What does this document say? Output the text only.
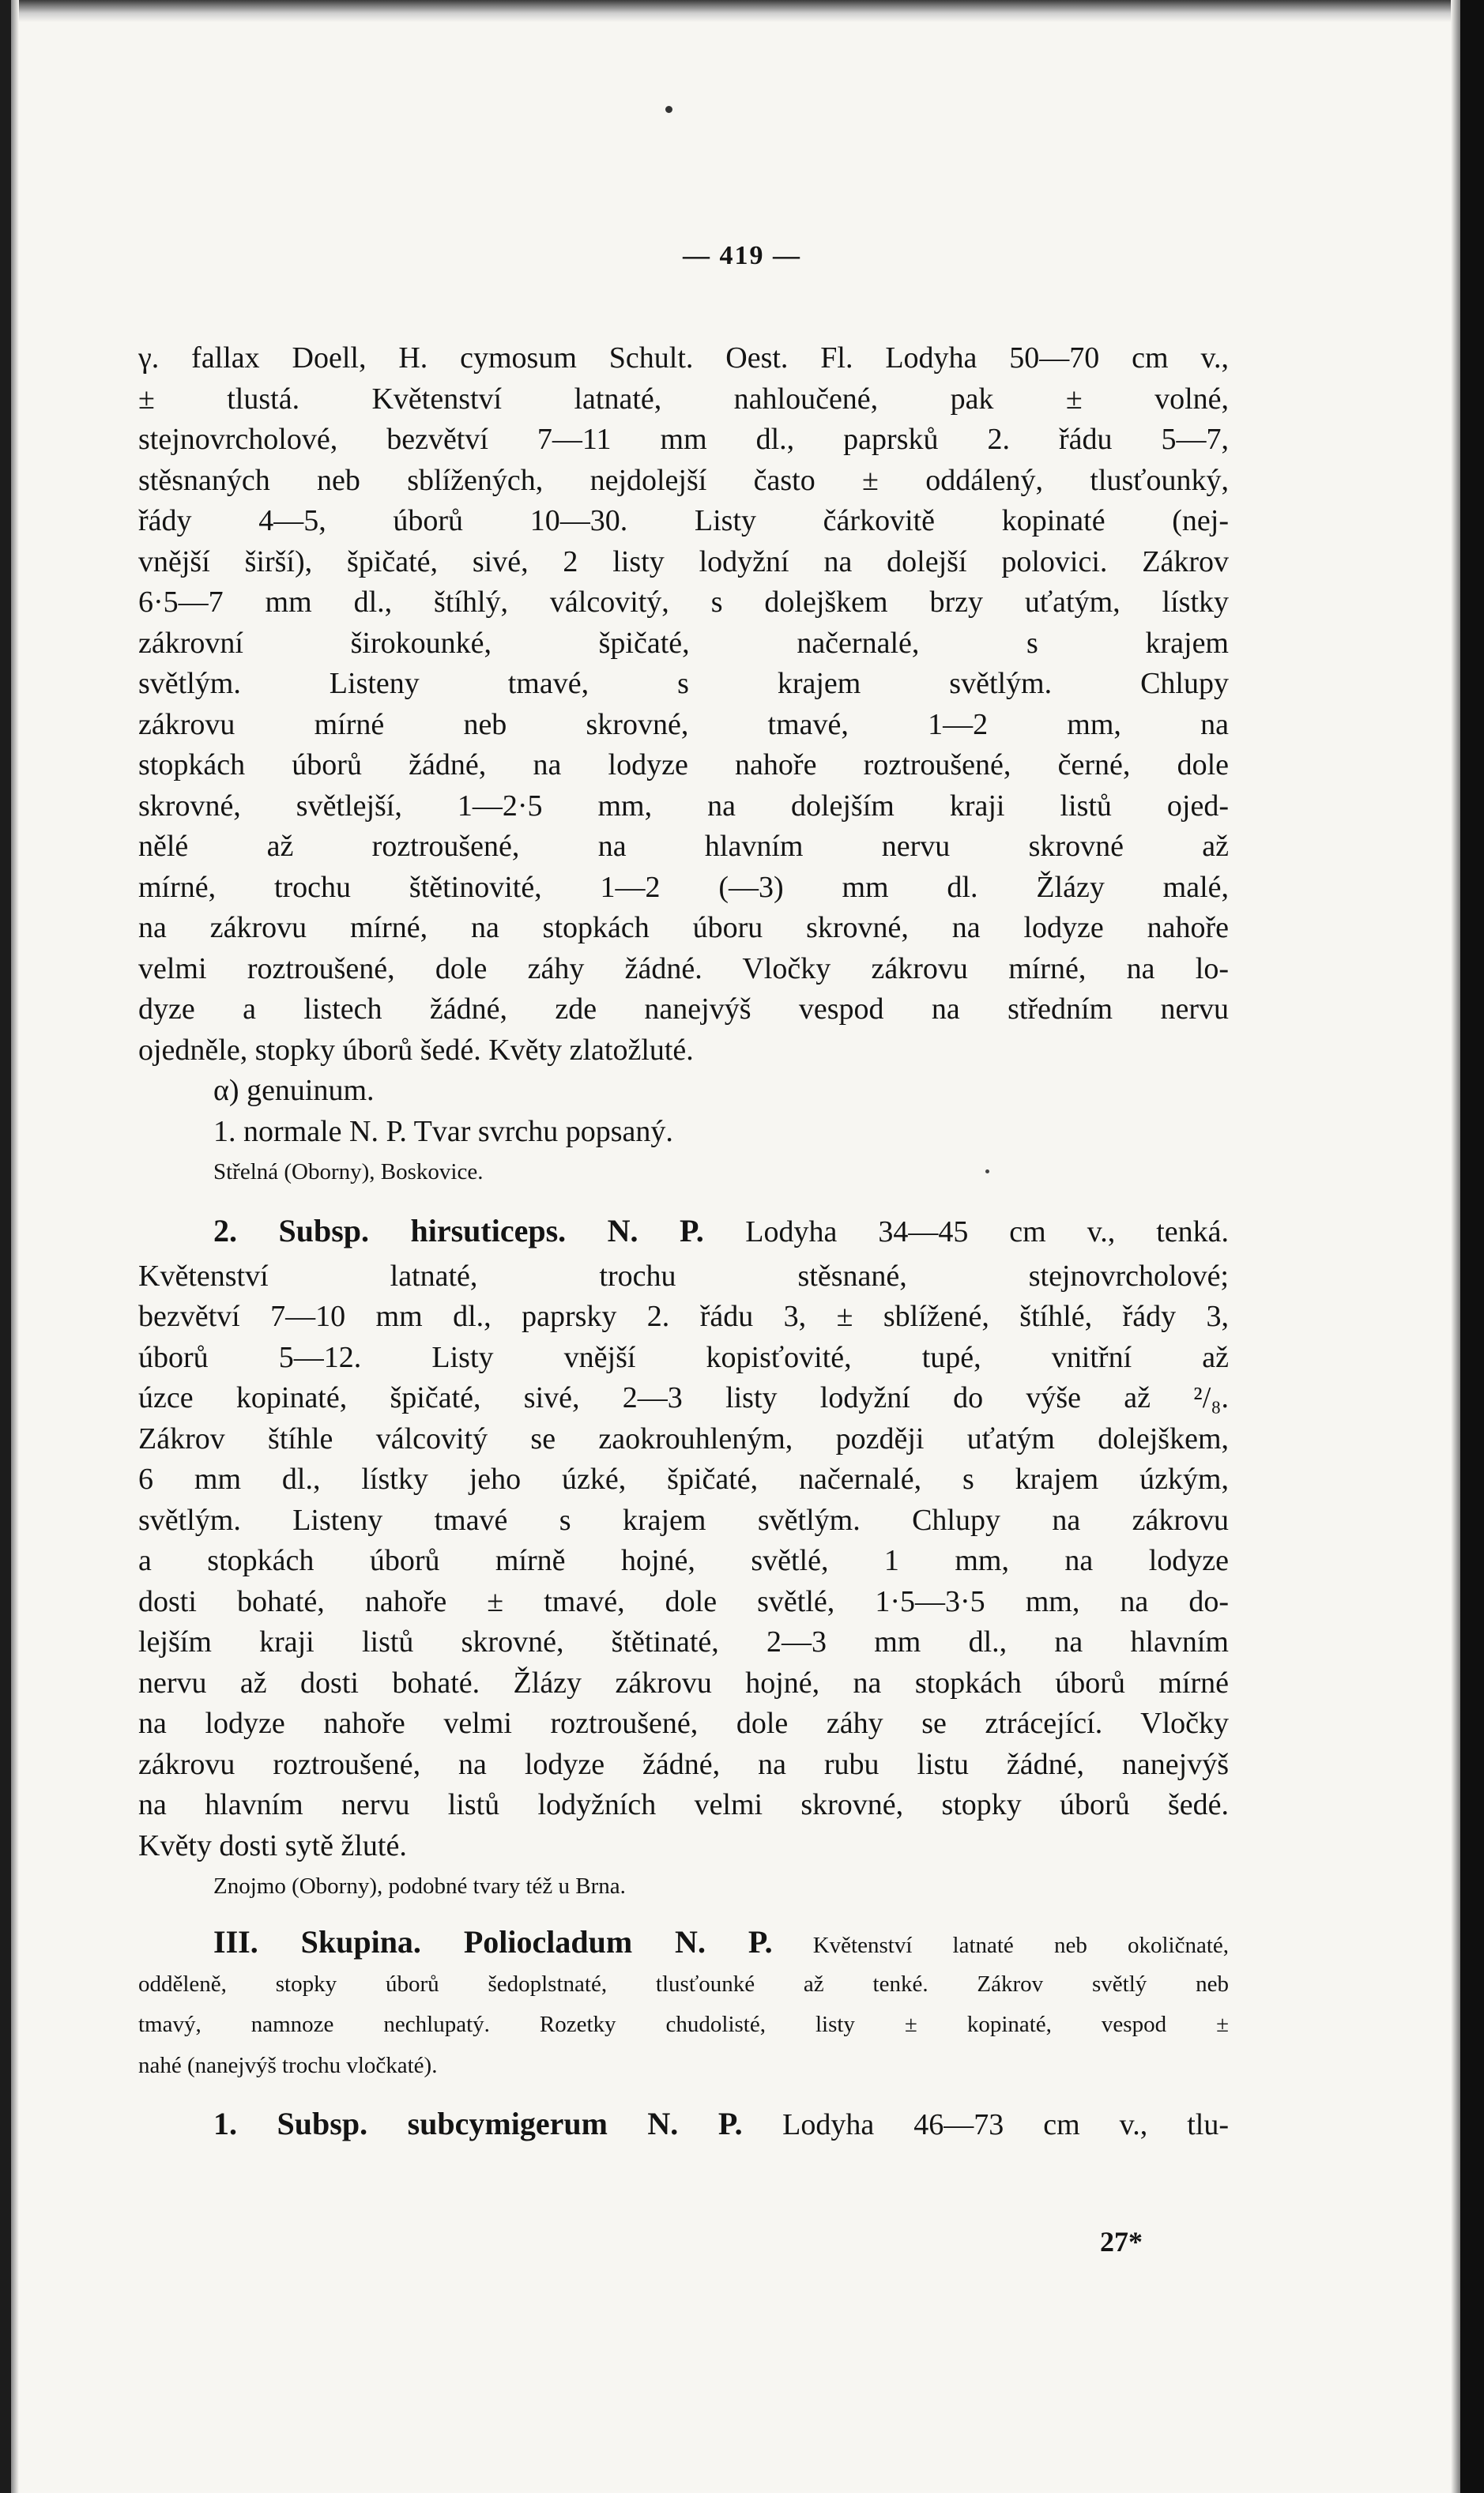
— 419 —
γ. fallax Doell, H. cymosum Schult. Oest. Fl. Lodyha 50—70 cm v.,
± tlustá. Květenství latnaté, nahloučené, pak ± volné,
stejnovrcholové, bezvětví 7—11 mm dl., paprsků 2. řádu 5—7,
stěsnaných neb sblížených, nejdolejší často ± oddálený, tlusťounký,
řády 4—5, úborů 10—30. Listy čárkovitě kopinaté (nej-
vnější širší), špičaté, sivé, 2 listy lodyžní na dolejší polovici. Zákrov
6·5—7 mm dl., štíhlý, válcovitý, s dolejškem brzy uťatým, lístky
zákrovní širokounké, špičaté, načernalé, s krajem
světlým. Listeny tmavé, s krajem světlým. Chlupy
zákrovu mírné neb skrovné, tmavé, 1—2 mm, na
stopkách úborů žádné, na lodyze nahoře roztroušené, černé, dole
skrovné, světlejší, 1—2·5 mm, na dolejším kraji listů ojed-
nělé až roztroušené, na hlavním nervu skrovné až
mírné, trochu štětinovité, 1—2 (—3) mm dl. Žlázy malé,
na zákrovu mírné, na stopkách úboru skrovné, na lodyze nahoře
velmi roztroušené, dole záhy žádné. Vločky zákrovu mírné, na lo-
dyze a listech žádné, zde nanejvýš vespod na středním nervu
ojedněle, stopky úborů šedé. Květy zlatožluté.
α) genuinum.
1. normale N. P. Tvar svrchu popsaný.
Střelná (Oborny), Boskovice.
2. Subsp. hirsuticeps. N. P. Lodyha 34—45 cm v., tenká.
Květenství latnaté, trochu stěsnané, stejnovrcholové;
bezvětví 7—10 mm dl., paprsky 2. řádu 3, ± sblížené, štíhlé, řády 3,
úborů 5—12. Listy vnější kopisťovité, tupé, vnitřní až
úzce kopinaté, špičaté, sivé, 2—3 listy lodyžní do výše až ²/₈.
Zákrov štíhle válcovitý se zaokrouhleným, později uťatým dolejškem,
6 mm dl., lístky jeho úzké, špičaté, načernalé, s krajem úzkým,
světlým. Listeny tmavé s krajem světlým. Chlupy na zákrovu
a stopkách úborů mírně hojné, světlé, 1 mm, na lodyze
dosti bohaté, nahoře ± tmavé, dole světlé, 1·5—3·5 mm, na do-
lejším kraji listů skrovné, štětinaté, 2—3 mm dl., na hlavním
nervu až dosti bohaté. Žlázy zákrovu hojné, na stopkách úborů mírné
na lodyze nahoře velmi roztroušené, dole záhy se ztrácející. Vločky
zákrovu roztroušené, na lodyze žádné, na rubu listu žádné, nanejvýš
na hlavním nervu listů lodyžních velmi skrovné, stopky úborů šedé.
Květy dosti sytě žluté.
Znojmo (Oborny), podobné tvary též u Brna.
III. Skupina. Poliocladum N. P. Květenství latnaté neb okoličnaté,
odděleně, stopky úborů šedoplstnaté, tlusťounké až tenké. Zákrov světlý neb
tmavý, namnoze nechlupatý. Rozetky chudolisté, listy ± kopinaté, vespod ±
nahé (nanejvýš trochu vločkaté).
1. Subsp. subcymigerum N. P. Lodyha 46—73 cm v., tlu-
27*
